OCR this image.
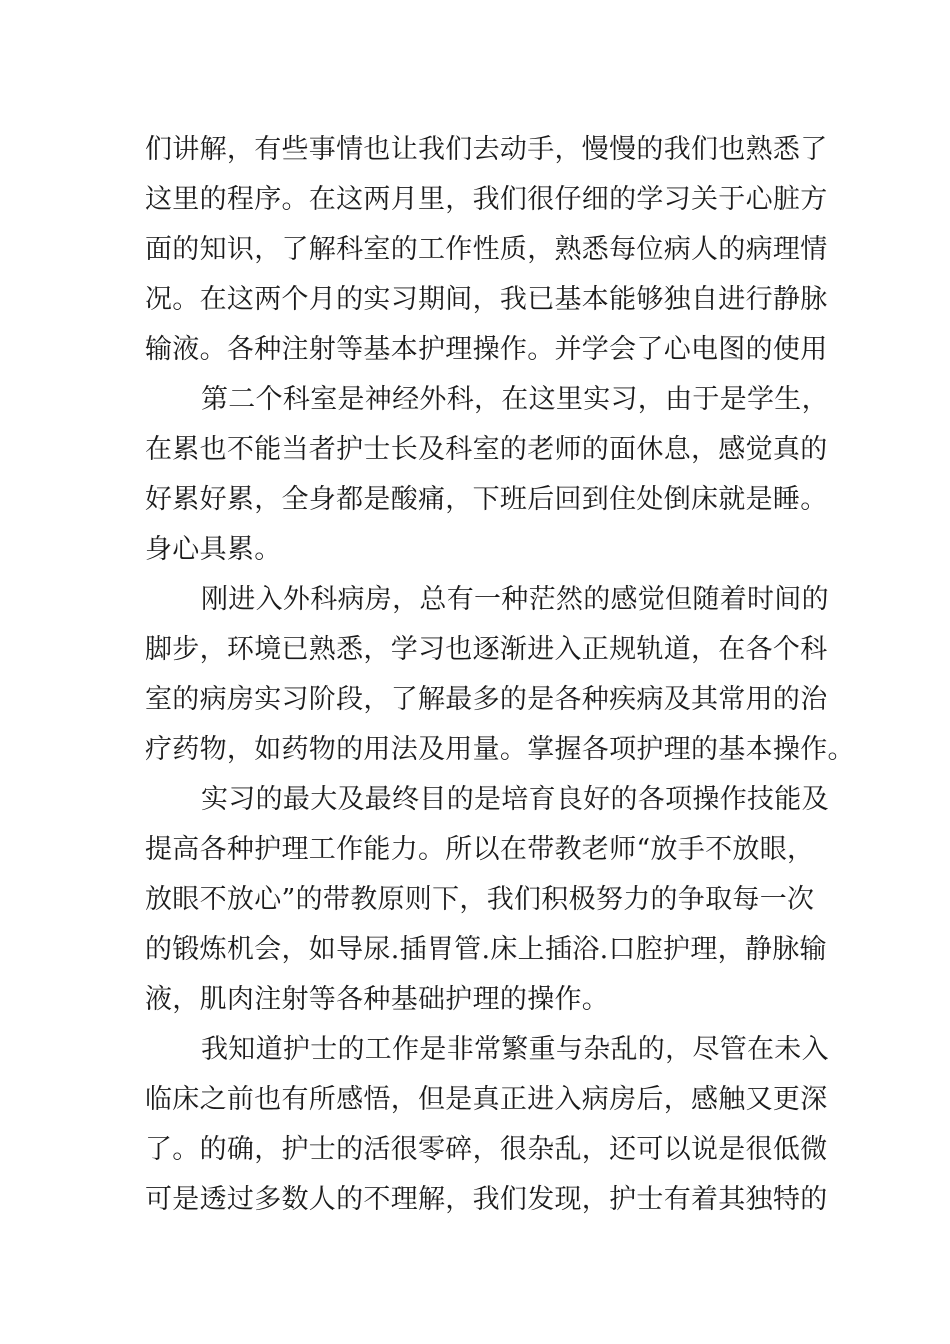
们讲解，有些事情也让我们去动手，慢慢的我们也熟悉了
这里的程序。在这两月里，我们很仔细的学习关于心脏方
面的知识，了解科室的工作性质，熟悉每位病人的病理情
况。在这两个月的实习期间，我已基本能够独自进行静脉
输液。各种注射等基本护理操作。并学会了心电图的使用
第二个科室是神经外科，在这里实习，由于是学生，
在累也不能当者护士长及科室的老师的面休息，感觉真的
好累好累，全身都是酸痛，下班后回到住处倒床就是睡。
身心具累。
刚进入外科病房，总有一种茫然的感觉但随着时间的
脚步，环境已熟悉，学习也逐渐进入正规轨道，在各个科
室的病房实习阶段，了解最多的是各种疾病及其常用的治
疗药物，如药物的用法及用量。掌握各项护理的基本操作。
实习的最大及最终目的是培育良好的各项操作技能及
提高各种护理工作能力。所以在带教老师“放手不放眼，
放眼不放心”的带教原则下，我们积极努力的争取每一次
的锻炼机会，如导尿.插胃管.床上插浴.口腔护理，静脉输
液，肌肉注射等各种基础护理的操作。
我知道护士的工作是非常繁重与杂乱的，尽管在未入
临床之前也有所感悟，但是真正进入病房后，感触又更深
了。的确，护士的活很零碎，很杂乱，还可以说是很低微
可是透过多数人的不理解，我们发现，护士有着其独特的
